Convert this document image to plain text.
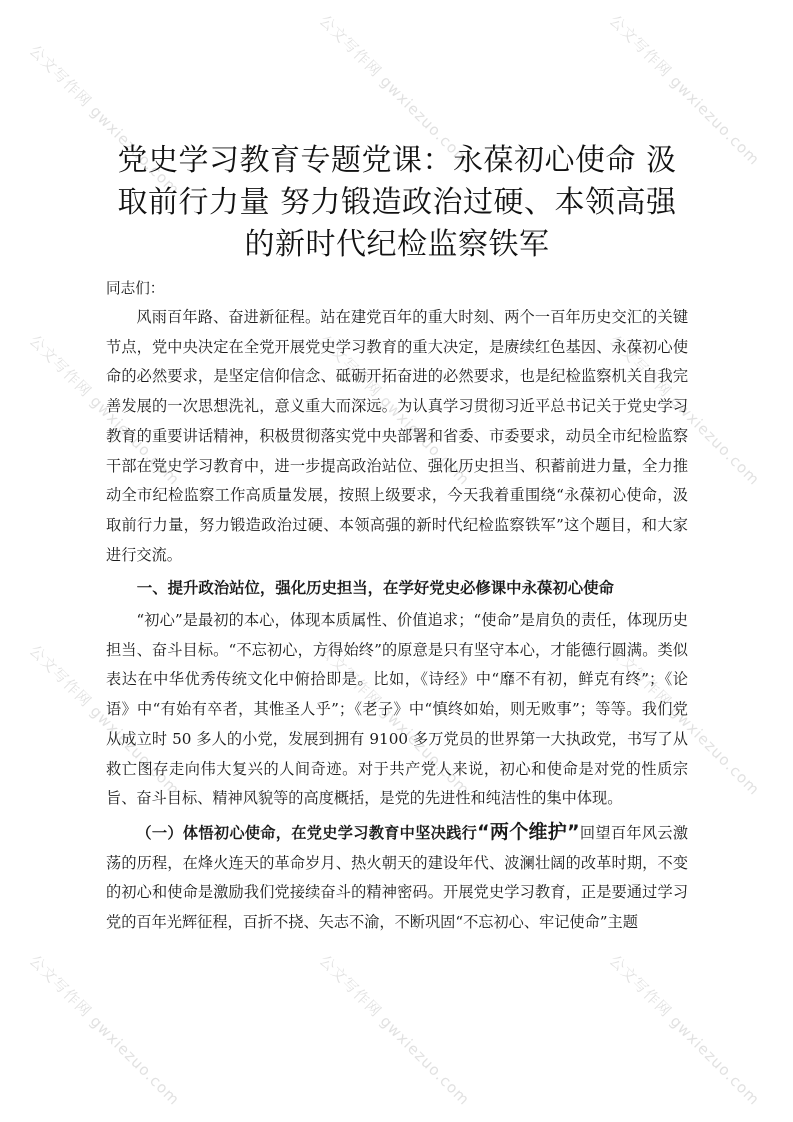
公文写作网 gwxiezuo.com	公文写作网 gwxiezuo.com
公文写作网 gwxiezuo.com
公文写作网 gwxiezuo.com	公文写作网 gwxiezuo.com
公文写作网 gwxiezuo.com
公文写作网 gwxiezuo.com	公文写作网 gwxiezuo.com
公文写作网 gwxiezuo.com
公文写作网 gwxiezuo.com	公文写作网 gwxiezuo.com
公文写作网 gwxiezuo.com
党史学习教育专题党课：永葆初心使命 汲取前行力量 努力锻造政治过硬、本领高强的新时代纪检监察铁军

同志们：

风雨百年路、奋进新征程。站在建党百年的重大时刻、两个一百年历史交汇的关键节点，党中央决定在全党开展党史学习教育的重大决定，是赓续红色基因、永葆初心使命的必然要求，是坚定信仰信念、砥砺开拓奋进的必然要求，也是纪检监察机关自我完善发展的一次思想洗礼，意义重大而深远。为认真学习贯彻习近平总书记关于党史学习教育的重要讲话精神，积极贯彻落实党中央部署和省委、市委要求，动员全市纪检监察干部在党史学习教育中，进一步提高政治站位、强化历史担当、积蓄前进力量，全力推动全市纪检监察工作高质量发展，按照上级要求，今天我着重围绕“永葆初心使命，汲取前行力量，努力锻造政治过硬、本领高强的新时代纪检监察铁军”这个题目，和大家进行交流。

一、提升政治站位，强化历史担当，在学好党史必修课中永葆初心使命

“初心”是最初的本心，体现本质属性、价值追求；“使命”是肩负的责任，体现历史担当、奋斗目标。“不忘初心，方得始终”的原意是只有坚守本心，才能德行圆满。类似表达在中华优秀传统文化中俯拾即是。比如，《诗经》中“靡不有初，鲜克有终”；《论语》中“有始有卒者，其惟圣人乎”；《老子》中“慎终如始，则无败事”；等等。我们党从成立时 50 多人的小党，发展到拥有 9100 多万党员的世界第一大执政党，书写了从救亡图存走向伟大复兴的人间奇迹。对于共产党人来说，初心和使命是对党的性质宗旨、奋斗目标、精神风貌等的高度概括，是党的先进性和纯洁性的集中体现。

（一）体悟初心使命，在党史学习教育中坚决践行“两个维护”回望百年风云激荡的历程，在烽火连天的革命岁月、热火朝天的建设年代、波澜壮阔的改革时期，不变的初心和使命是激励我们党接续奋斗的精神密码。开展党史学习教育，正是要通过学习党的百年光辉征程，百折不挠、矢志不渝，不断巩固“不忘初心、牢记使命”主题
